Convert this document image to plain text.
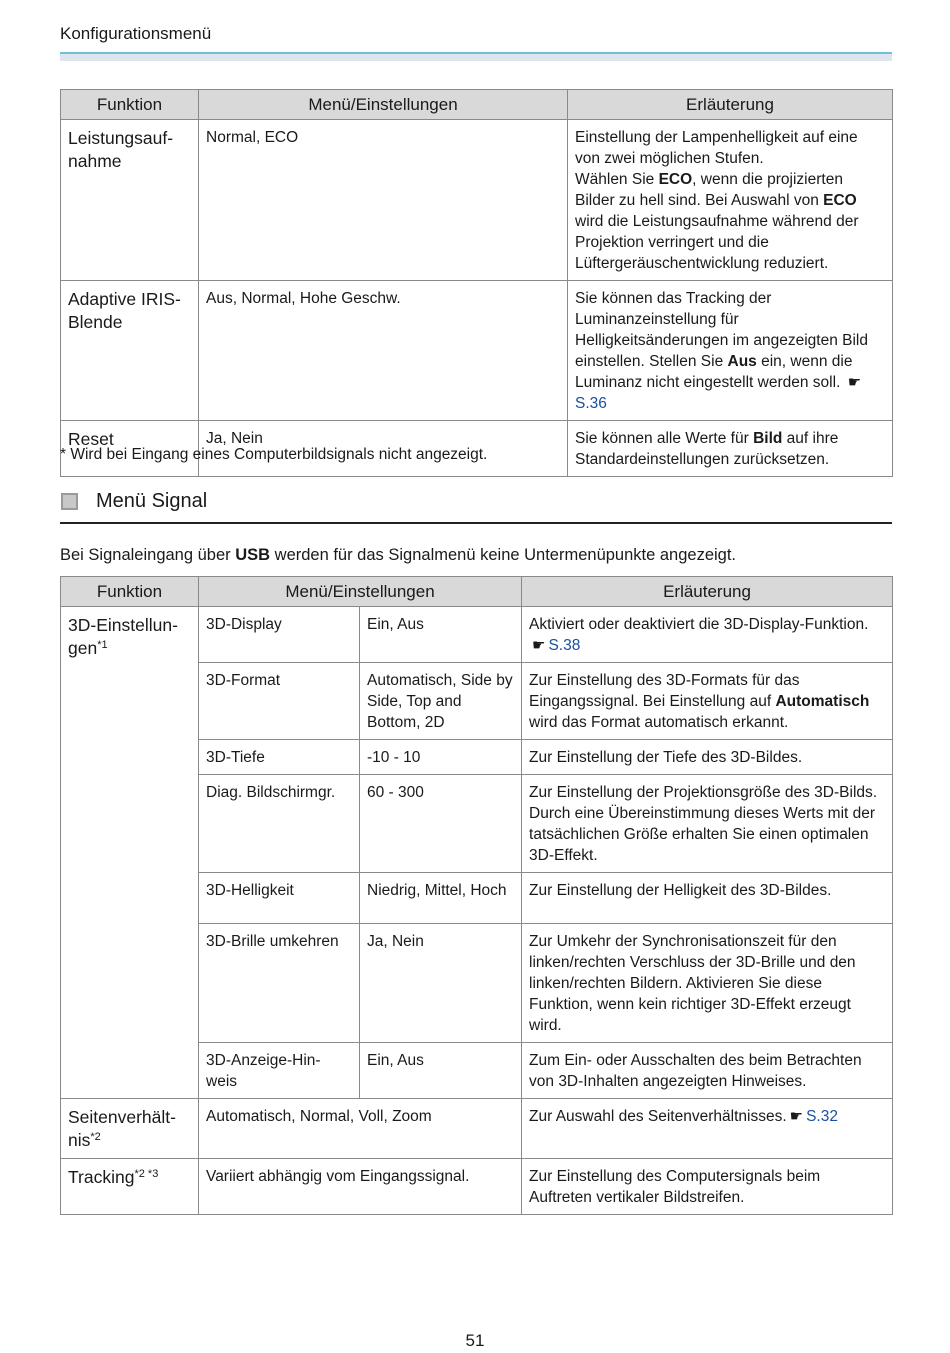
Konfigurationsmenü
Funktion	Menü/Einstellungen	Erläuterung
Leistungsauf-
nahme	Normal, ECO	Einstellung der Lampenhelligkeit auf eine von zwei möglichen Stufen.
Wählen Sie ECO, wenn die projizierten Bilder zu hell sind. Bei Auswahl von ECO wird die Leistungsaufnahme während der Projektion verringert und die Lüftergeräuschentwicklung reduziert.
Adaptive IRIS-
Blende	Aus, Normal, Hohe Geschw.	Sie können das Tracking der Luminanzeinstellung für Helligkeitsänderungen im angezeigten Bild einstellen. Stellen Sie Aus ein, wenn die Luminanz nicht eingestellt werden soll. ☛S.36
Reset	Ja, Nein	Sie können alle Werte für Bild auf ihre Standardeinstellungen zurücksetzen.
* Wird bei Eingang eines Computerbildsignals nicht angezeigt.
Menü Signal
Bei Signaleingang über USB werden für das Signalmenü keine Untermenüpunkte angezeigt.
Funktion	Menü/Einstellungen		Erläuterung
3D-Einstellun-
gen$^{*1}$	3D-Display	Ein, Aus	Aktiviert oder deaktiviert die 3D-Display-Funktion.☛ S.38
	3D-Format	Automatisch, Side by Side, Top and Bottom, 2D	Zur Einstellung des 3D-Formats für das Eingangssignal. Bei Einstellung auf Automatisch wird das Format automatisch erkannt.
	3D-Tiefe	-10 - 10	Zur Einstellung der Tiefe des 3D-Bildes.
	Diag. Bildschirmgr.	60 - 300	Zur Einstellung der Projektionsgröße des 3D-Bilds. Durch eine Übereinstimmung dieses Werts mit der tatsächlichen Größe erhalten Sie einen optimalen 3D-Effekt.
	3D-Helligkeit	Niedrig, Mittel, Hoch	Zur Einstellung der Helligkeit des 3D-Bildes.
	3D-Brille umkehren	Ja, Nein	Zur Umkehr der Synchronisationszeit für den linken/rechten Verschluss der 3D-Brille und den linken/rechten Bildern. Aktivieren Sie diese Funktion, wenn kein richtiger 3D-Effekt erzeugt wird.
	3D-Anzeige-Hin-
weis	Ein, Aus	Zum Ein- oder Ausschalten des beim Betrachten von 3D-Inhalten angezeigten Hinweises.
Seitenverhält-
nis$^{*2}$	Automatisch, Normal, Voll, Zoom		Zur Auswahl des Seitenverhältnisses. ☛ S.32
Tracking$^{*2 *3}$	Variiert abhängig vom Eingangssignal.		Zur Einstellung des Computersignals beim Auftreten vertikaler Bildstreifen.
51
